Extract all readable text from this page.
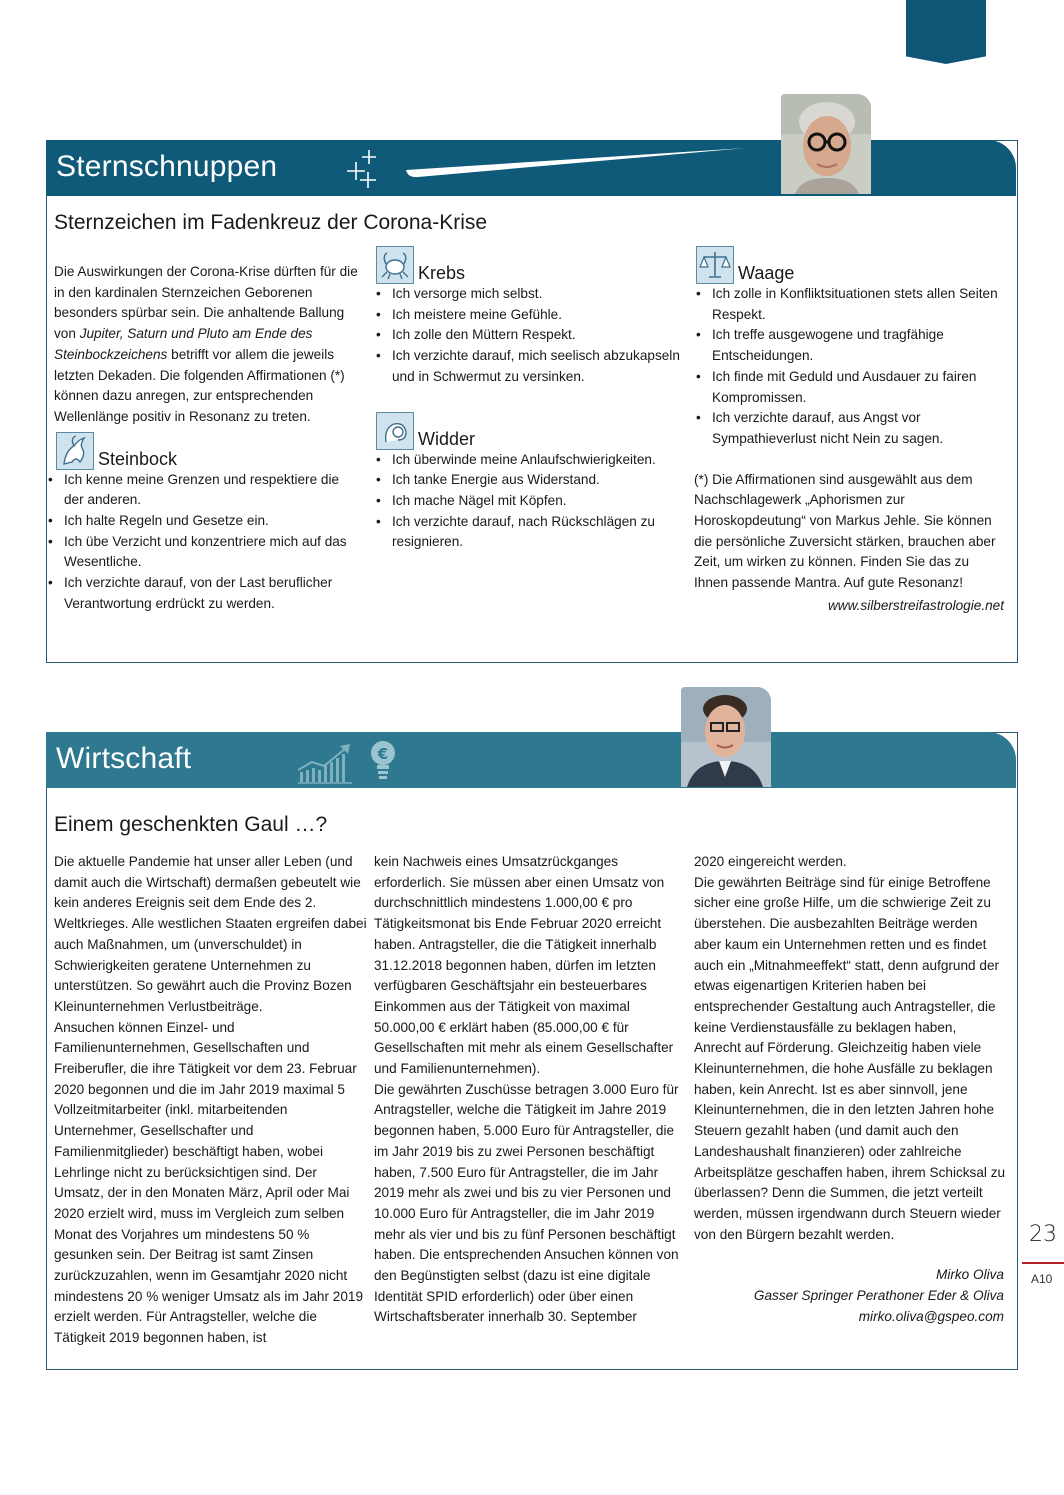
Sternschnuppen
Sternzeichen im Fadenkreuz der Corona-Krise

Die Auswirkungen der Corona-Krise dürften für die in den kardinalen Sternzeichen Geborenen besonders spürbar sein. Die anhaltende Ballung von Jupiter, Saturn und Pluto am Ende des Steinbockzeichens betrifft vor allem die jeweils letzten Dekaden. Die folgenden Affirmationen (*) können dazu anregen, zur entsprechenden Wellenlänge positiv in Resonanz zu treten.

Steinbock
• Ich kenne meine Grenzen und respektiere die der anderen.
• Ich halte Regeln und Gesetze ein.
• Ich übe Verzicht und konzentriere mich auf das Wesentliche.
• Ich verzichte darauf, von der Last beruflicher Verantwortung erdrückt zu werden.
Krebs
• Ich versorge mich selbst.
• Ich meistere meine Gefühle.
• Ich zolle den Müttern Respekt.
• Ich verzichte darauf, mich seelisch abzukapseln und in Schwermut zu versinken.
Widder
• Ich überwinde meine Anlaufschwierigkeiten.
• Ich tanke Energie aus Widerstand.
• Ich mache Nägel mit Köpfen.
• Ich verzichte darauf, nach Rückschlägen zu resignieren.
Waage
• Ich zolle in Konfliktsituationen stets allen Seiten Respekt.
• Ich treffe ausgewogene und tragfähige Entscheidungen.
• Ich finde mit Geduld und Ausdauer zu fairen Kompromissen.
• Ich verzichte darauf, aus Angst vor Sympathieverlust nicht Nein zu sagen.

(*) Die Affirmationen sind ausgewählt aus dem Nachschlagewerk „Aphorismen zur Horoskopdeutung“ von Markus Jehle. Sie können die persönliche Zuversicht stärken, brauchen aber Zeit, um wirken zu können. Finden Sie das zu Ihnen passende Mantra. Auf gute Resonanz!

www.silberstreifastrologie.net

Wirtschaft	€
Einem geschenkten Gaul …?

Die aktuelle Pandemie hat unser aller Leben (und damit auch die Wirtschaft) dermaßen gebeutelt wie kein anderes Ereignis seit dem Ende des 2. Weltkrieges. Alle westlichen Staaten ergreifen dabei auch Maßnahmen, um (unverschuldet) in Schwierigkeiten geratene Unternehmen zu unterstützen. So gewährt auch die Provinz Bozen Kleinunternehmen Verlustbeiträge.

Ansuchen können Einzel- und Familienunternehmen, Gesellschaften und Freiberufler, die ihre Tätigkeit vor dem 23. Februar 2020 begonnen und die im Jahr 2019 maximal 5 Vollzeitmitarbeiter (inkl. mitarbeitenden Unternehmer, Gesellschafter und Familienmitglieder) beschäftigt haben, wobei Lehrlinge nicht zu berücksichtigen sind. Der Umsatz, der in den Monaten März, April oder Mai 2020 erzielt wird, muss im Vergleich zum selben Monat des Vorjahres um mindestens 50 % gesunken sein. Der Beitrag ist samt Zinsen zurückzuzahlen, wenn im Gesamtjahr 2020 nicht mindestens 20 % weniger Umsatz als im Jahr 2019 erzielt werden. Für Antragsteller, welche die Tätigkeit 2019 begonnen haben, ist

kein Nachweis eines Umsatzrückganges erforderlich. Sie müssen aber einen Umsatz von durchschnittlich mindestens 1.000,00 € pro Tätigkeitsmonat bis Ende Februar 2020 erreicht haben. Antragsteller, die die Tätigkeit innerhalb 31.12.2018 begonnen haben, dürfen im letzten verfügbaren Geschäftsjahr ein besteuerbares Einkommen aus der Tätigkeit von maximal 50.000,00 € erklärt haben (85.000,00 € für Gesellschaften mit mehr als einem Gesellschafter und Familienunternehmen).

Die gewährten Zuschüsse betragen 3.000 Euro für Antragsteller, welche die Tätigkeit im Jahre 2019 begonnen haben, 5.000 Euro für Antragsteller, die im Jahr 2019 bis zu zwei Personen beschäftigt haben, 7.500 Euro für Antragsteller, die im Jahr 2019 mehr als zwei und bis zu vier Personen und 10.000 Euro für Antragsteller, die im Jahr 2019 mehr als vier und bis zu fünf Personen beschäftigt haben. Die entsprechenden Ansuchen können von den Begünstigten selbst (dazu ist eine digitale Identität SPID erforderlich) oder über einen Wirtschaftsberater innerhalb 30. September

2020 eingereicht werden.

Die gewährten Beiträge sind für einige Betroffene sicher eine große Hilfe, um die schwierige Zeit zu überstehen. Die ausbezahlten Beiträge werden aber kaum ein Unternehmen retten und es findet auch ein „Mitnahmeeffekt“ statt, denn aufgrund der etwas eigenartigen Kriterien haben bei entsprechender Gestaltung auch Antragsteller, die keine Verdienstausfälle zu beklagen haben, Anrecht auf Förderung. Gleichzeitig haben viele Kleinunternehmen, die hohe Ausfälle zu beklagen haben, kein Anrecht. Ist es aber sinnvoll, jene Kleinunternehmen, die in den letzten Jahren hohe Steuern gezahlt haben (und damit auch den Landeshaushalt finanzieren) oder zahlreiche Arbeitsplätze geschaffen haben, ihrem Schicksal zu überlassen? Denn die Summen, die jetzt verteilt werden, müssen irgendwann durch Steuern wieder von den Bürgern bezahlt werden.

Mirko Oliva
Gasser Springer Perathoner Eder & Oliva
mirko.oliva@gspeo.com
23
A10
